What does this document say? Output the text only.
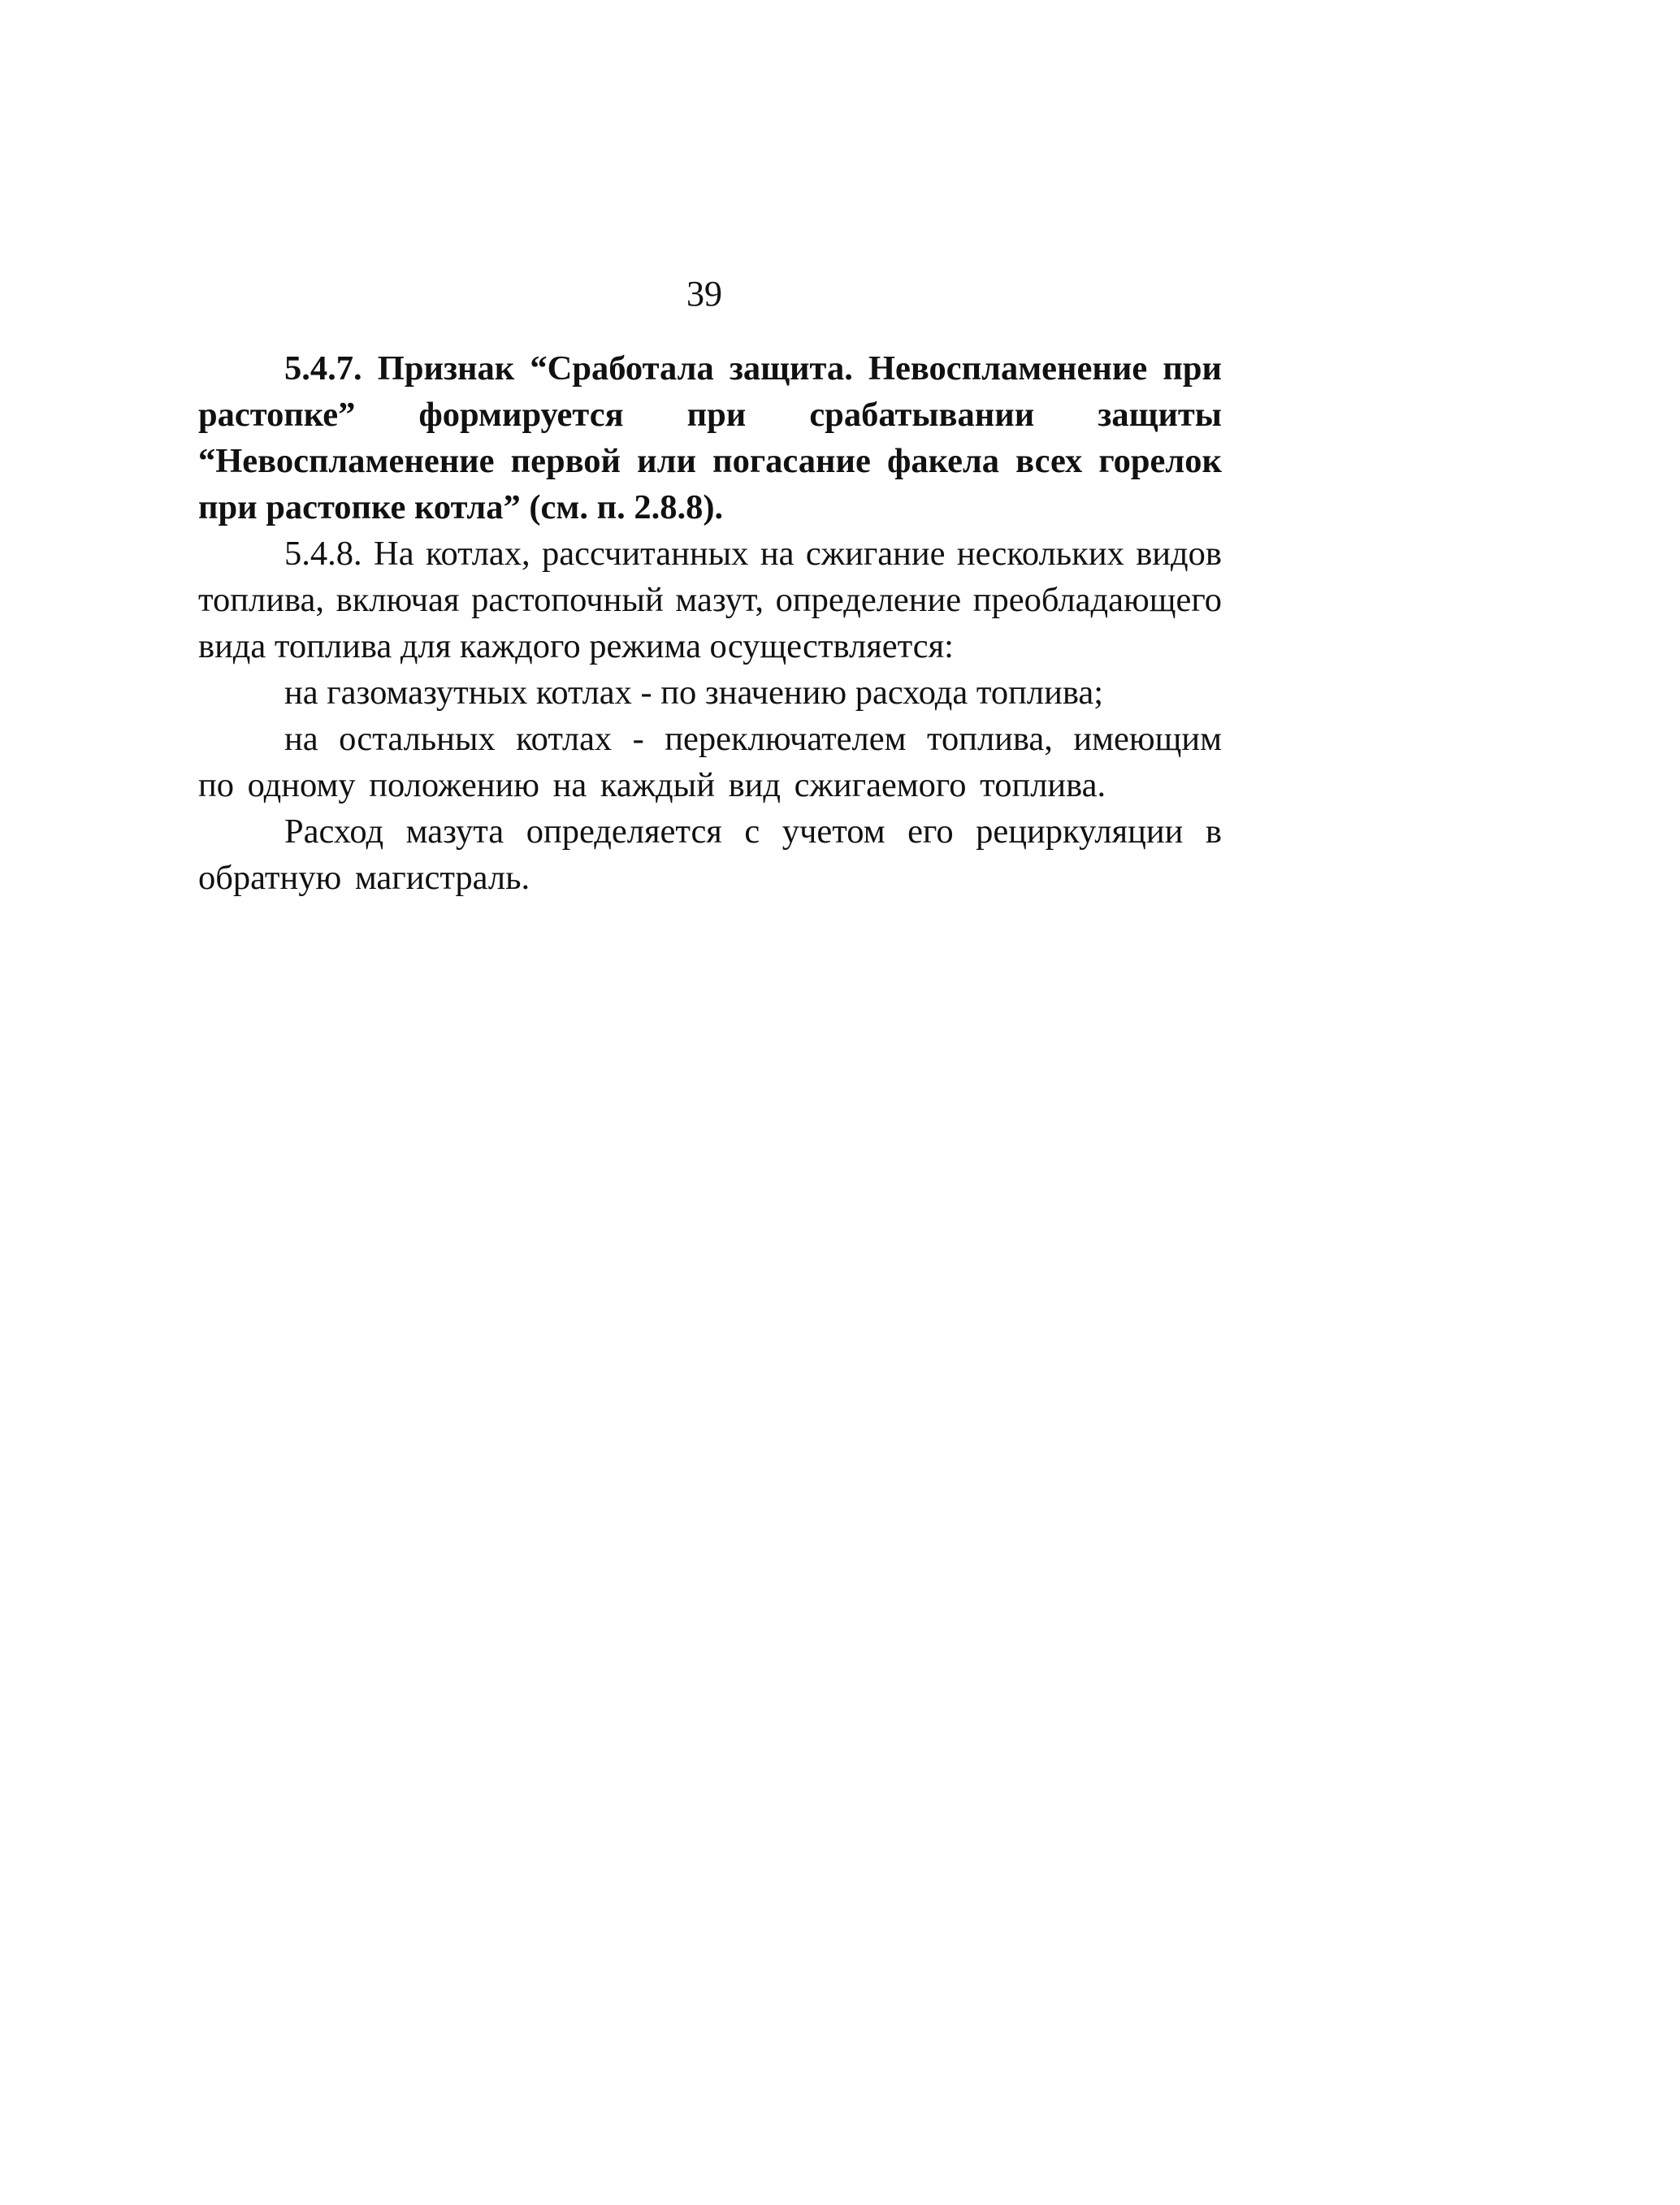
39

5.4.7. Признак “Сработала защита. Невоспламенение при растопке” формируется при срабатывании защиты “Невоспламенение первой или погасание факела всех горелок при растопке котла” (см. п. 2.8.8).

5.4.8. На котлах, рассчитанных на сжигание нескольких видов топлива, включая растопочный мазут, определение преобладающего вида топлива для каждого режима осуществляется:

на газомазутных котлах - по значению расхода топлива;

на остальных котлах - переключателем топлива, имеющим по одному положению на каждый вид сжигаемого топлива.

Расход мазута определяется с учетом его рециркуляции в обратную магистраль.
